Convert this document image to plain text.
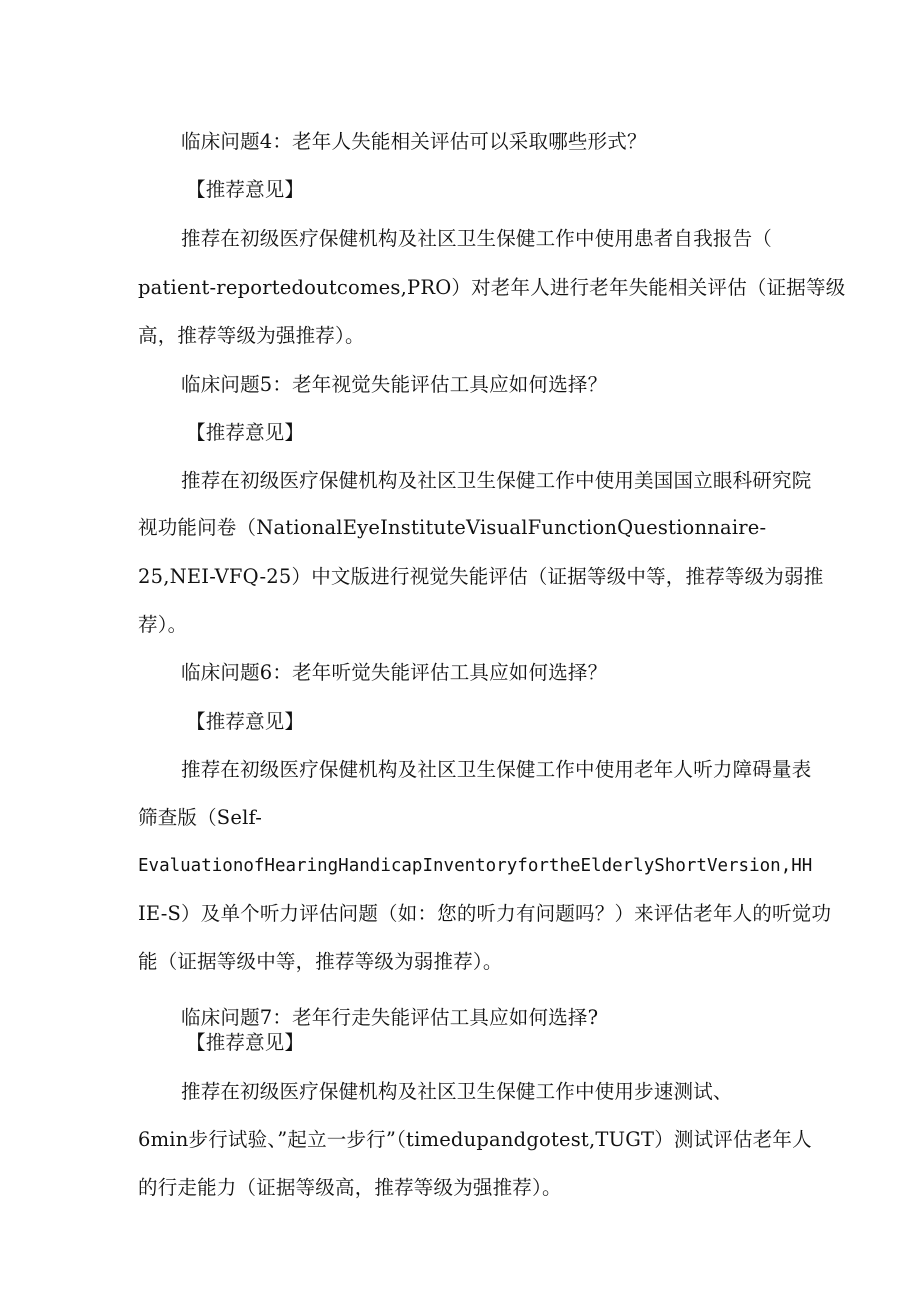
临床问题4：老年人失能相关评估可以采取哪些形式？
【推荐意见】
推荐在初级医疗保健机构及社区卫生保健工作中使用患者自我报告（
patient-reportedoutcomes,PRO）对老年人进行老年失能相关评估（证据等级
高，推荐等级为强推荐）。
临床问题5：老年视觉失能评估工具应如何选择？
【推荐意见】
推荐在初级医疗保健机构及社区卫生保健工作中使用美国国立眼科研究院
视功能问卷（NationalEyeInstituteVisualFunctionQuestionnaire-
25,NEI-VFQ-25）中文版进行视觉失能评估（证据等级中等，推荐等级为弱推
荐）。
临床问题6：老年听觉失能评估工具应如何选择？
【推荐意见】
推荐在初级医疗保健机构及社区卫生保健工作中使用老年人听力障碍量表
筛查版（Self-
EvaluationofHearingHandicapInventoryfortheElderlyShortVersion,HH
IE-S）及单个听力评估问题（如：您的听力有问题吗？）来评估老年人的听觉功
能（证据等级中等，推荐等级为弱推荐）。
临床问题7：老年行走失能评估工具应如何选择?
【推荐意见】
推荐在初级医疗保健机构及社区卫生保健工作中使用步速测试、
6min步行试验、”起立一步行”（timedupandgotest,TUGT）测试评估老年人
的行走能力（证据等级高，推荐等级为强推荐）。
